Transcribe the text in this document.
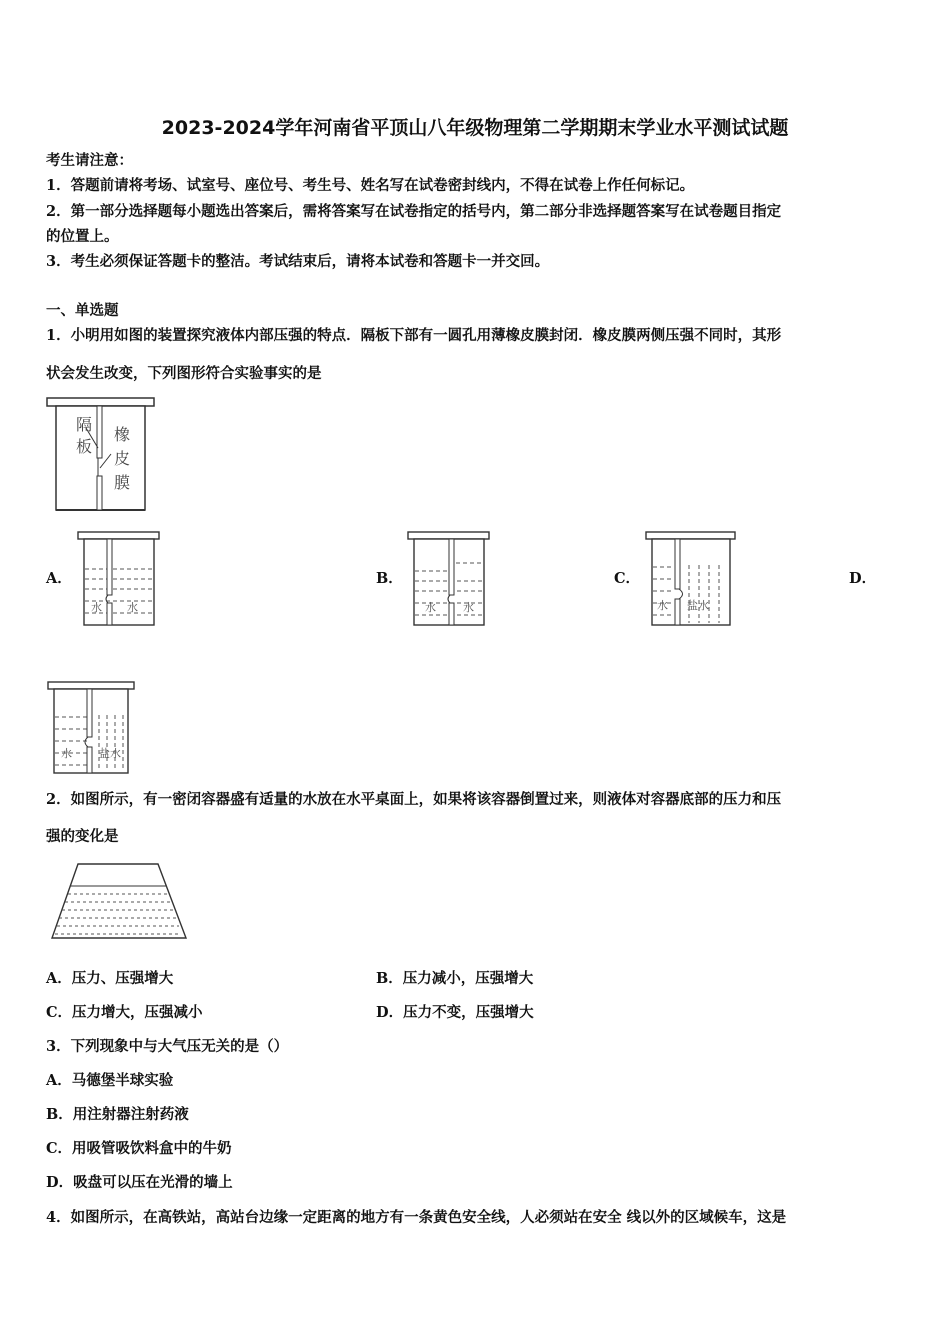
2023-2024学年河南省平顶山八年级物理第二学期期末学业水平测试试题
考生请注意：
1．答题前请将考场、试室号、座位号、考生号、姓名写在试卷密封线内，不得在试卷上作任何标记。
2．第一部分选择题每小题选出答案后，需将答案写在试卷指定的括号内，第二部分非选择题答案写在试卷题目指定
的位置上。
3．考生必须保证答题卡的整洁。考试结束后，请将本试卷和答题卡一并交回。
一、单选题
1．小明用如图的装置探究液体内部压强的特点．隔板下部有一圆孔用薄橡皮膜封闭．橡皮膜两侧压强不同时，其形
状会发生改变，下列图形符合实验事实的是
隔
板
橡
皮
膜
A．
水 水
B．
水 水
C．
水 盐水
D．
水 盐水
2．如图所示，有一密闭容器盛有适量的水放在水平桌面上，如果将该容器倒置过来，则液体对容器底部的压力和压
强的变化是
A．压力、压强增大	B．压力减小，压强增大
C．压力增大，压强减小	D．压力不变，压强增大
3．下列现象中与大气压无关的是（）
A．马德堡半球实验
B．用注射器注射药液
C．用吸管吸饮料盒中的牛奶
D．吸盘可以压在光滑的墙上
4．如图所示，在高铁站，高站台边缘一定距离的地方有一条黄色安全线，人必须站在安全 线以外的区域候车，这是
